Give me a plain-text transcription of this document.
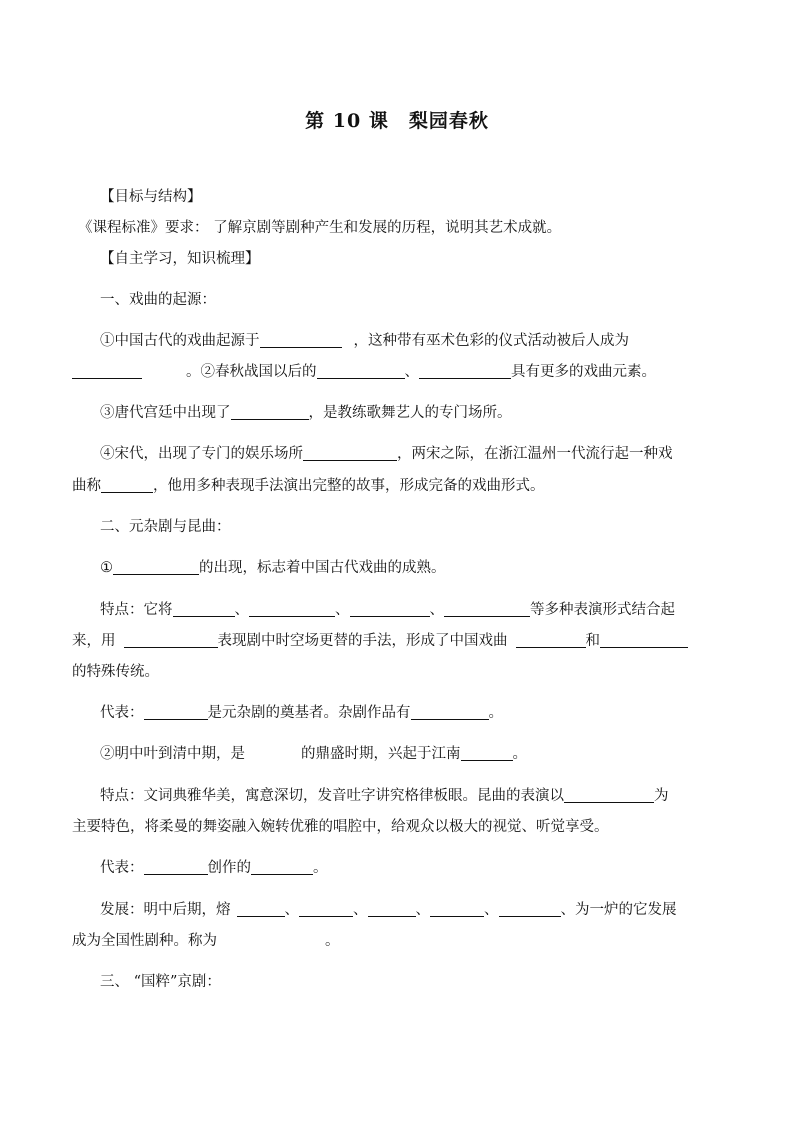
第 10 课　梨园春秋
【目标与结构】
《课程标准》要求： 了解京剧等剧种产生和发展的历程，说明其艺术成就。
【自主学习，知识梳理】
一、戏曲的起源：
①中国古代的戏曲起源于	，这种带有巫术色彩的仪式活动被后人成为
。②春秋战国以后的	、	具有更多的戏曲元素。
③唐代宫廷中出现了	，是教练歌舞艺人的专门场所。
④宋代，出现了专门的娱乐场所	，两宋之际，在浙江温州一代流行起一种戏
曲称	，他用多种表现手法演出完整的故事，形成完备的戏曲形式。
二、元杂剧与昆曲：
①	的出现，标志着中国古代戏曲的成熟。
特点：它将	、	、	、	等多种表演形式结合起
来，用	表现剧中时空场更替的手法，形成了中国戏曲	和
的特殊传统。
代表：	是元杂剧的奠基者。杂剧作品有	。
②明中叶到清中期，是	的鼎盛时期，兴起于江南	。
特点：文词典雅华美，寓意深切，发音吐字讲究格律板眼。昆曲的表演以	为
主要特色，将柔曼的舞姿融入婉转优雅的唱腔中，给观众以极大的视觉、听觉享受。
代表：	创作的	。
发展：明中后期，熔	、	、	、	、	、为一炉的它发展
成为全国性剧种。称为	。
三、 “国粹”京剧：
